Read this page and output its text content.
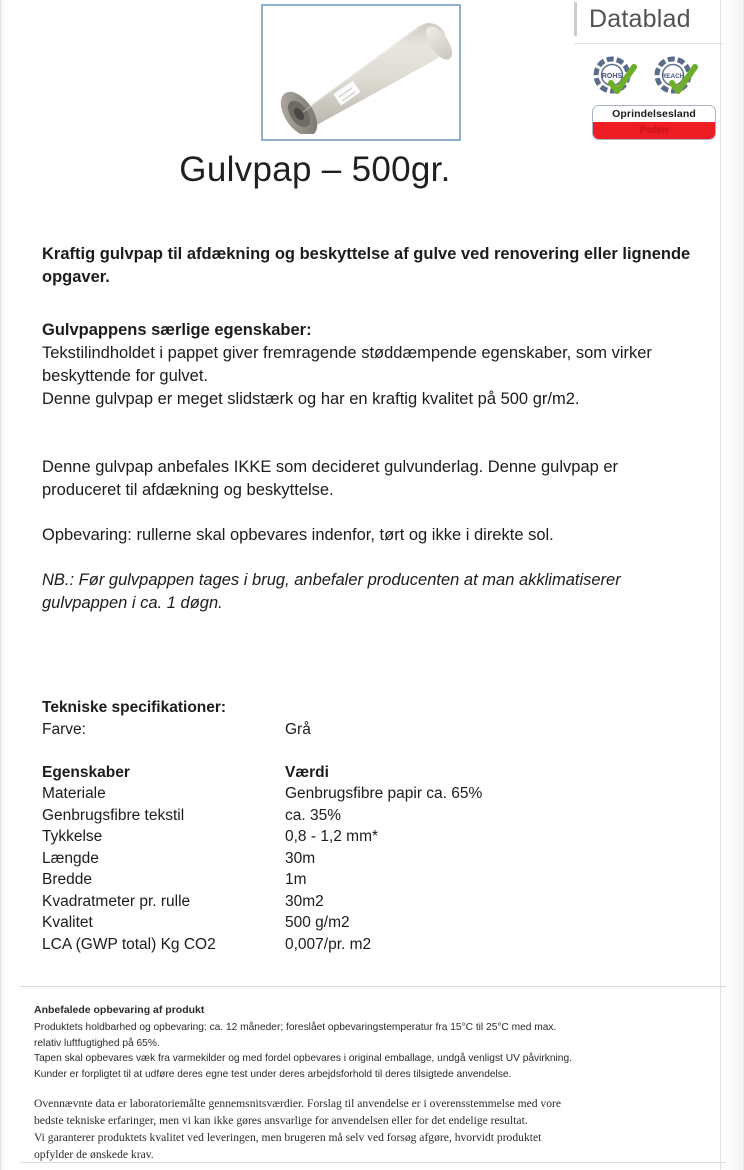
Datablad
ROHS	REACH
Oprindelsesland
Polen
Gulvpap – 500gr.
Kraftig gulvpap til afdækning og beskyttelse af gulve ved renovering eller lignende opgaver.
Gulvpappens særlige egenskaber:
Tekstilindholdet i pappet giver fremragende støddæmpende egenskaber, som virker beskyttende for gulvet.
Denne gulvpap er meget slidstærk og har en kraftig kvalitet på 500 gr/m2.
Denne gulvpap anbefales IKKE som decideret gulvunderlag. Denne gulvpap er produceret til afdækning og beskyttelse.
Opbevaring: rullerne skal opbevares indenfor, tørt og ikke i direkte sol.
NB.: Før gulvpappen tages i brug, anbefaler producenten at man akklimatiserer gulvpappen i ca. 1 døgn.
Tekniske specifikationer:
Farve:	Grå
Egenskaber	Værdi
Materiale	Genbrugsfibre papir ca. 65%
Genbrugsfibre tekstil	ca. 35%
Tykkelse	0,8 - 1,2 mm*
Længde	30m
Bredde	1m
Kvadratmeter pr. rulle	30m2
Kvalitet	500 g/m2
LCA (GWP total) Kg CO2	0,007/pr. m2
Anbefalede opbevaring af produkt
Produktets holdbarhed og opbevaring: ca. 12 måneder; foreslået opbevaringstemperatur fra 15°C til 25°C med max.
relativ luftfugtighed på 65%.
Tapen skal opbevares væk fra varmekilder og med fordel opbevares i original emballage, undgå venligst UV påvirkning.
Kunder er forpligtet til at udføre deres egne test under deres arbejdsforhold til deres tilsigtede anvendelse.
Ovennævnte data er laboratoriemålte gennemsnitsværdier. Forslag til anvendelse er i overensstemmelse med vore
bedste tekniske erfaringer, men vi kan ikke gøres ansvarlige for anvendelsen eller for det endelige resultat.
Vi garanterer produktets kvalitet ved leveringen, men brugeren må selv ved forsøg afgøre, hvorvidt produktet
opfylder de ønskede krav.
